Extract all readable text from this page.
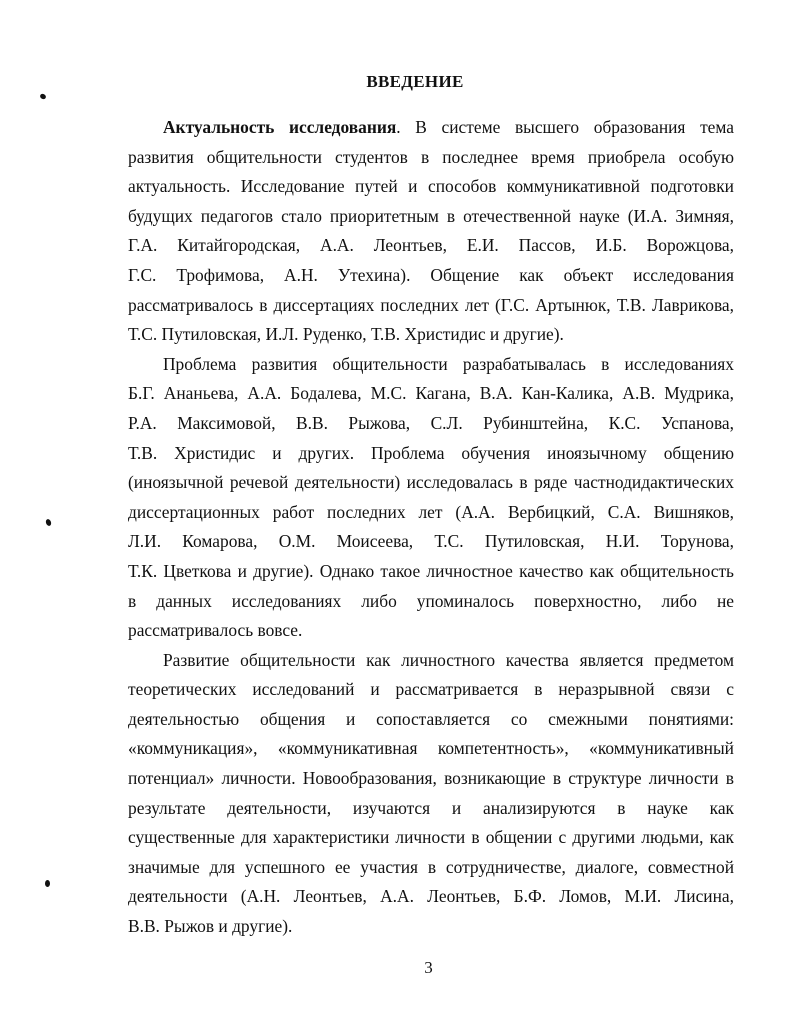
ВВЕДЕНИЕ
Актуальность исследования. В системе высшего образования тема
развития общительности студентов в последнее время приобрела особую
актуальность. Исследование путей и способов коммуникативной подготовки
будущих педагогов стало приоритетным в отечественной науке (И.А. Зимняя,
Г.А. Китайгородская, А.А. Леонтьев, Е.И. Пассов, И.Б. Ворожцова,
Г.С. Трофимова, А.Н. Утехина). Общение как объект исследования
рассматривалось в диссертациях последних лет (Г.С. Артынюк, Т.В. Лаврикова,
Т.С. Путиловская, И.Л. Руденко, Т.В. Христидис и другие).
Проблема развития общительности разрабатывалась в исследованиях
Б.Г. Ананьева, А.А. Бодалева, М.С. Кагана, В.А. Кан-Калика, А.В. Мудрика,
Р.А. Максимовой, В.В. Рыжова, С.Л. Рубинштейна, К.С. Успанова,
Т.В. Христидис и других. Проблема обучения иноязычному общению
(иноязычной речевой деятельности) исследовалась в ряде частнодидактических
диссертационных работ последних лет (А.А. Вербицкий, С.А. Вишняков,
Л.И. Комарова, О.М. Моисеева, Т.С. Путиловская, Н.И. Торунова,
Т.К. Цветкова и другие). Однако такое личностное качество как общительность
в данных исследованиях либо упоминалось поверхностно, либо не
рассматривалось вовсе.
Развитие общительности как личностного качества является предметом
теоретических исследований и рассматривается в неразрывной связи с
деятельностью общения и сопоставляется со смежными понятиями:
«коммуникация», «коммуникативная компетентность», «коммуникативный
потенциал» личности. Новообразования, возникающие в структуре личности в
результате деятельности, изучаются и анализируются в науке как
существенные для характеристики личности в общении с другими людьми, как
значимые для успешного ее участия в сотрудничестве, диалоге, совместной
деятельности (А.Н. Леонтьев, А.А. Леонтьев, Б.Ф. Ломов, М.И. Лисина,
В.В. Рыжов и другие).
3
